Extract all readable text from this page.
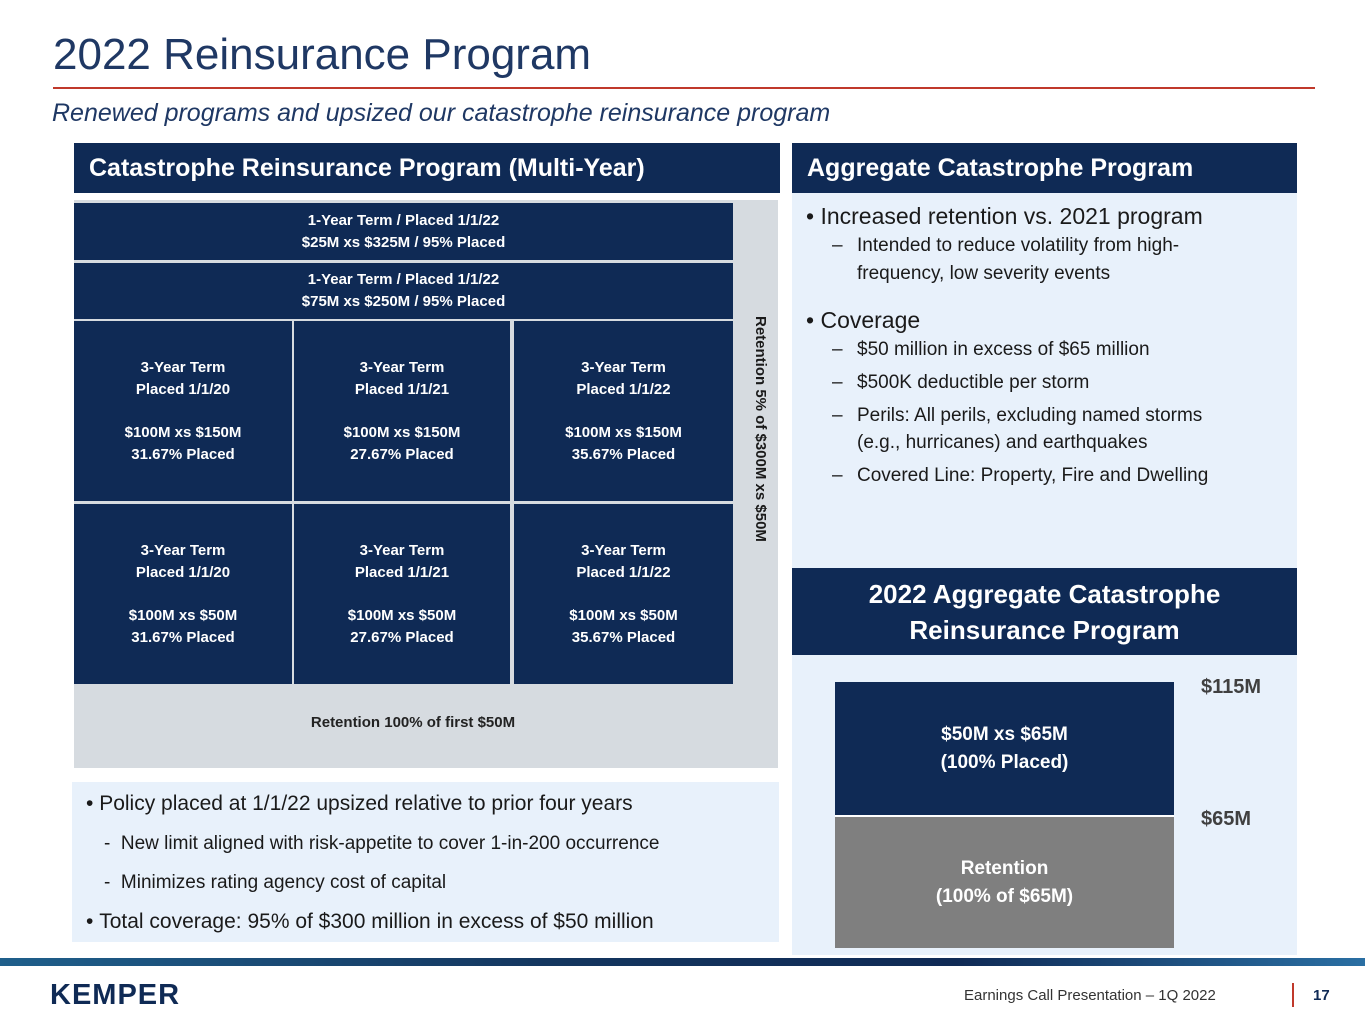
2022 Reinsurance Program
Renewed programs and upsized our catastrophe reinsurance program
Catastrophe Reinsurance Program (Multi-Year)
1-Year Term / Placed 1/1/22
$25M xs $325M / 95% Placed
1-Year Term / Placed 1/1/22
$75M xs $250M / 95% Placed
3-Year Term
Placed 1/1/20
$100M xs $150M
31.67% Placed
3-Year Term
Placed 1/1/21
$100M xs $150M
27.67% Placed
3-Year Term
Placed 1/1/22
$100M xs $150M
35.67% Placed
3-Year Term
Placed 1/1/20
$100M xs $50M
31.67% Placed
3-Year Term
Placed 1/1/21
$100M xs $50M
27.67% Placed
3-Year Term
Placed 1/1/22
$100M xs $50M
35.67% Placed
Retention 5% of $300M xs $50M
Retention 100% of first $50M
• Policy placed at 1/1/22 upsized relative to prior four years
-  New limit aligned with risk-appetite to cover 1-in-200 occurrence
-  Minimizes rating agency cost of capital
• Total coverage: 95% of $300 million in excess of $50 million
Aggregate Catastrophe Program
• Increased retention vs. 2021 program
– Intended to reduce volatility from high-
frequency, low severity events
• Coverage
– $50 million in excess of $65 million
– $500K deductible per storm
– Perils: All perils, excluding named storms
(e.g., hurricanes) and earthquakes
– Covered Line: Property, Fire and Dwelling
2022 Aggregate Catastrophe
Reinsurance Program
$50M xs $65M
(100% Placed)
Retention
(100% of $65M)
$115M
$65M
KEMPER	Earnings Call Presentation – 1Q 2022	17
